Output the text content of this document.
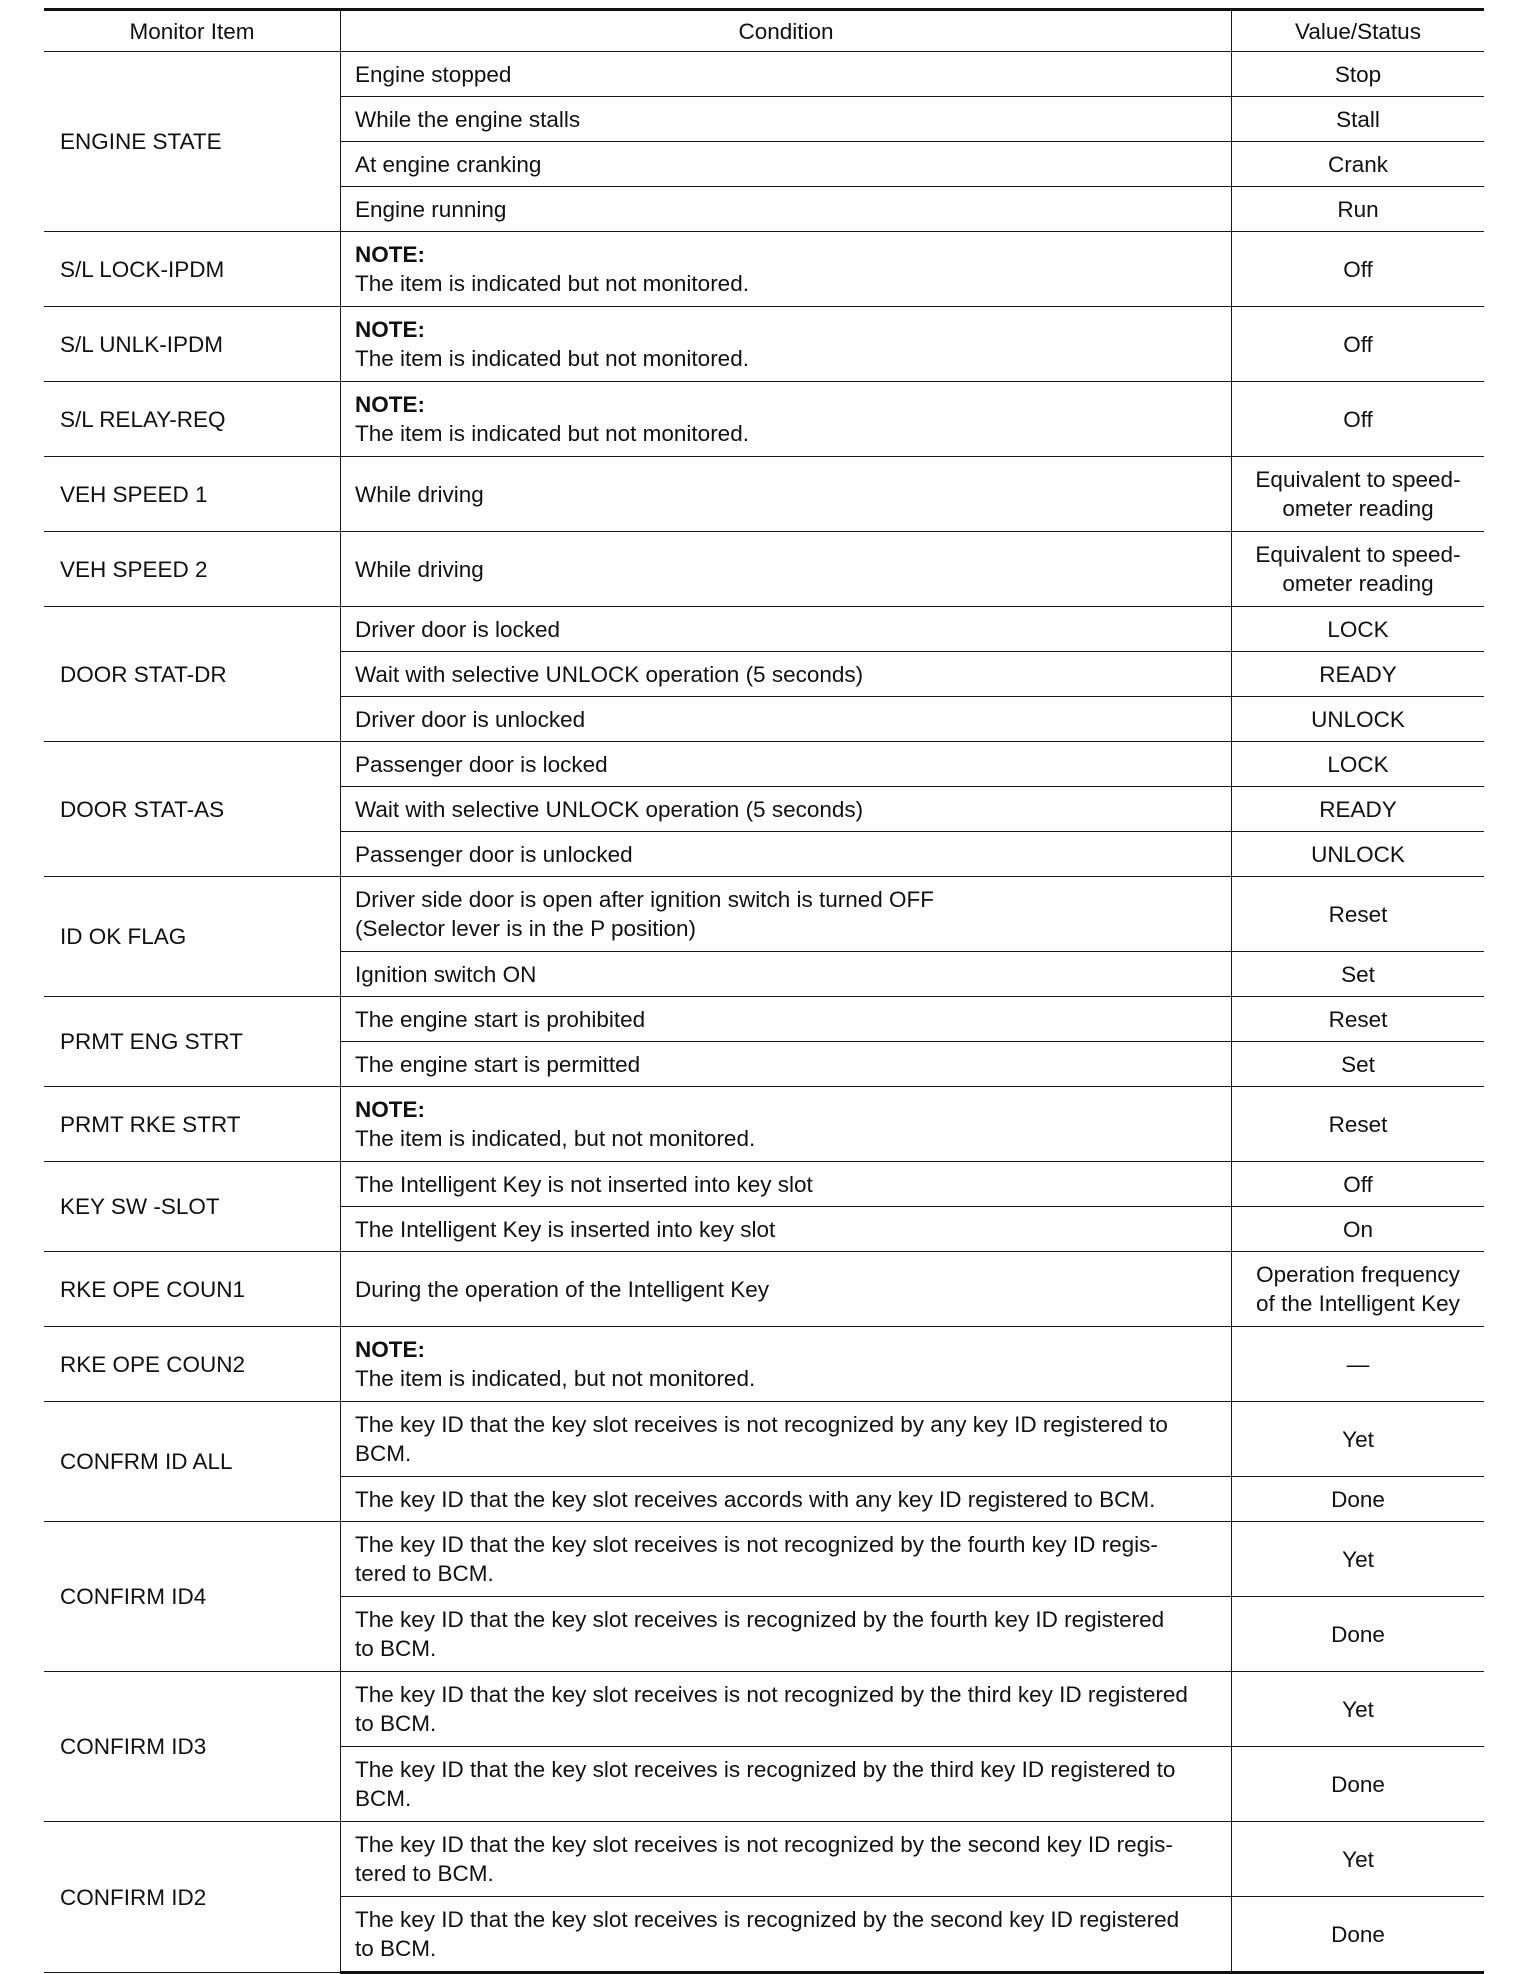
Monitor Item	Condition	Value/Status
ENGINE STATE	Engine stopped	Stop

	While the engine stalls	Stall

	At engine cranking	Crank

	Engine running	Run

S/L LOCK-IPDM	NOTE:
The item is indicated but not monitored.	Off

S/L UNLK-IPDM	NOTE:
The item is indicated but not monitored.	Off

S/L RELAY-REQ	NOTE:
The item is indicated but not monitored.	Off

VEH SPEED 1	While driving	Equivalent to speed-
ometer reading

VEH SPEED 2	While driving	Equivalent to speed-
ometer reading

DOOR STAT-DR	Driver door is locked	LOCK

	Wait with selective UNLOCK operation (5 seconds)	READY

	Driver door is unlocked	UNLOCK

DOOR STAT-AS	Passenger door is locked	LOCK

	Wait with selective UNLOCK operation (5 seconds)	READY

	Passenger door is unlocked	UNLOCK

ID OK FLAG	Driver side door is open after ignition switch is turned OFF
(Selector lever is in the P position)	Reset

	Ignition switch ON	Set

PRMT ENG STRT	The engine start is prohibited	Reset

	The engine start is permitted	Set

PRMT RKE STRT	NOTE:
The item is indicated, but not monitored.	Reset

KEY SW -SLOT	The Intelligent Key is not inserted into key slot	Off

	The Intelligent Key is inserted into key slot	On

RKE OPE COUN1	During the operation of the Intelligent Key	Operation frequency
of the Intelligent Key

RKE OPE COUN2	NOTE:
The item is indicated, but not monitored.	—

CONFRM ID ALL	The key ID that the key slot receives is not recognized by any key ID registered to
BCM.	Yet

	The key ID that the key slot receives accords with any key ID registered to BCM.	Done

CONFIRM ID4	The key ID that the key slot receives is not recognized by the fourth key ID regis-
tered to BCM.	Yet

	The key ID that the key slot receives is recognized by the fourth key ID registered
to BCM.	Done

CONFIRM ID3	The key ID that the key slot receives is not recognized by the third key ID registered
to BCM.	Yet

	The key ID that the key slot receives is recognized by the third key ID registered to
BCM.	Done

CONFIRM ID2	The key ID that the key slot receives is not recognized by the second key ID regis-
tered to BCM.	Yet

	The key ID that the key slot receives is recognized by the second key ID registered
to BCM.	Done
